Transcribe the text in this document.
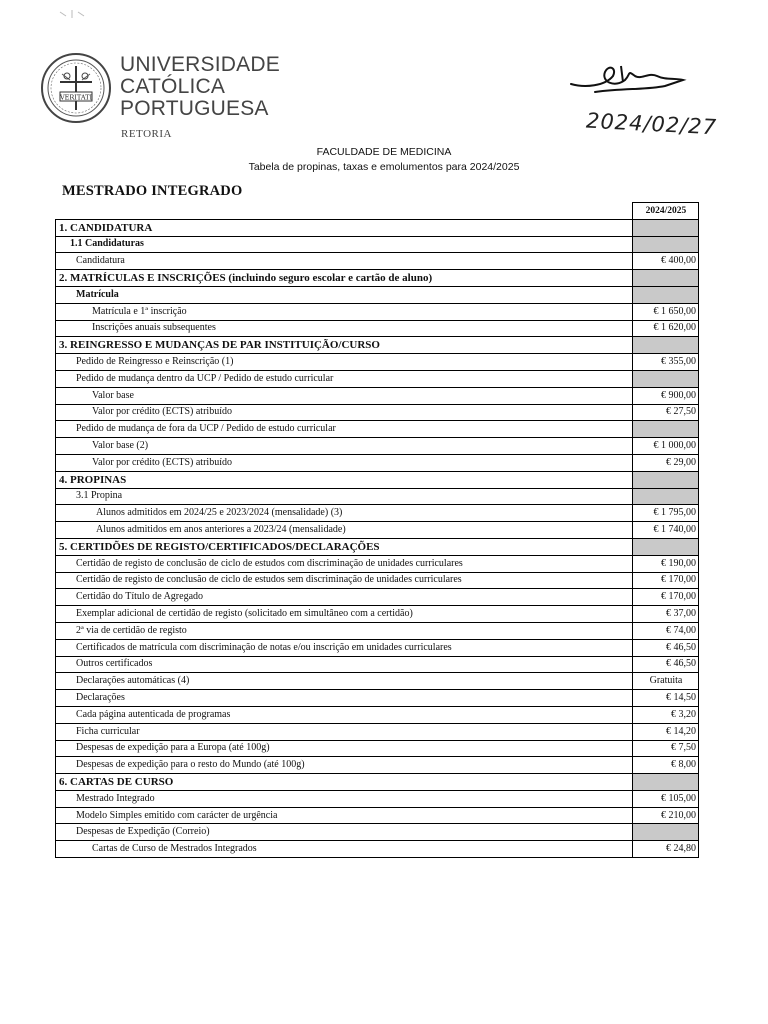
VERITATI
UNIVERSIDADE
CATÓLICA
PORTUGUESA
RETORIA	2024/02/27
FACULDADE DE MEDICINA
Tabela de propinas, taxas e emolumentos para 2024/2025
MESTRADO INTEGRADO
	2024/2025
1. CANDIDATURA	
1.1 Candidaturas	
Candidatura	€ 400,00
2. MATRÍCULAS E INSCRIÇÕES (incluindo seguro escolar e cartão de aluno)	
Matrícula	
Matrícula e 1ª inscrição	€ 1 650,00
Inscrições anuais subsequentes	€ 1 620,00
3. REINGRESSO E MUDANÇAS DE PAR INSTITUIÇÃO/CURSO	
Pedido de Reingresso e Reinscrição (1)	€ 355,00
Pedido de mudança dentro da UCP / Pedido de estudo curricular	
Valor base	€ 900,00
Valor por crédito (ECTS) atribuído	€ 27,50
Pedido de mudança de fora da UCP / Pedido de estudo curricular	
Valor base (2)	€ 1 000,00
Valor por crédito (ECTS) atribuído	€ 29,00
4. PROPINAS	
3.1 Propina	
Alunos admitidos em 2024/25 e 2023/2024 (mensalidade) (3)	€ 1 795,00
Alunos admitidos em anos anteriores a 2023/24 (mensalidade)	€ 1 740,00
5. CERTIDÕES DE REGISTO/CERTIFICADOS/DECLARAÇÕES	
Certidão de registo de conclusão de ciclo de estudos com discriminação de unidades curriculares	€ 190,00
Certidão de registo de conclusão de ciclo de estudos sem discriminação de unidades curriculares	€ 170,00
Certidão do Título de Agregado	€ 170,00
Exemplar adicional de certidão de registo (solicitado em simultâneo com a certidão)	€ 37,00
2ª via de certidão de registo	€ 74,00
Certificados de matrícula com discriminação de notas e/ou inscrição em unidades curriculares	€ 46,50
Outros certificados	€ 46,50
Declarações automáticas (4)	Gratuita
Declarações	€ 14,50
Cada página autenticada de programas	€ 3,20
Ficha curricular	€ 14,20
Despesas de expedição para a Europa (até 100g)	€ 7,50
Despesas de expedição para o resto do Mundo (até 100g)	€ 8,00
6. CARTAS DE CURSO	
Mestrado Integrado	€ 105,00
Modelo Simples emitido com carácter de urgência	€ 210,00
Despesas de Expedição (Correio)	
Cartas de Curso de Mestrados Integrados	€ 24,80
